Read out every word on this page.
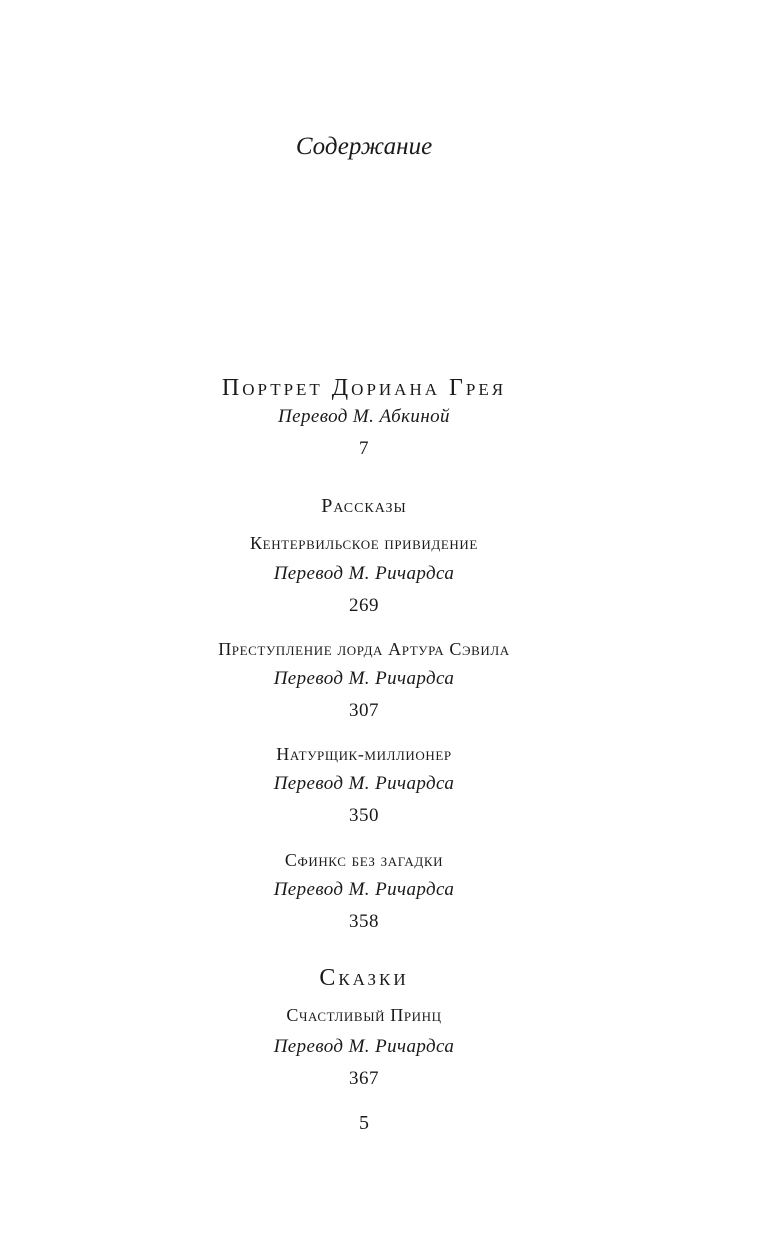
Содержание
Портрет Дориана Грея
Перевод М. Абкиной
7
Рассказы
Кентервильское привидение
Перевод М. Ричардса
269
Преступление лорда Артура Сэвила
Перевод М. Ричардса
307
Натурщик-миллионер
Перевод М. Ричардса
350
Сфинкс без загадки
Перевод М. Ричардса
358
Сказки
Счастливый Принц
Перевод М. Ричардса
367
5
